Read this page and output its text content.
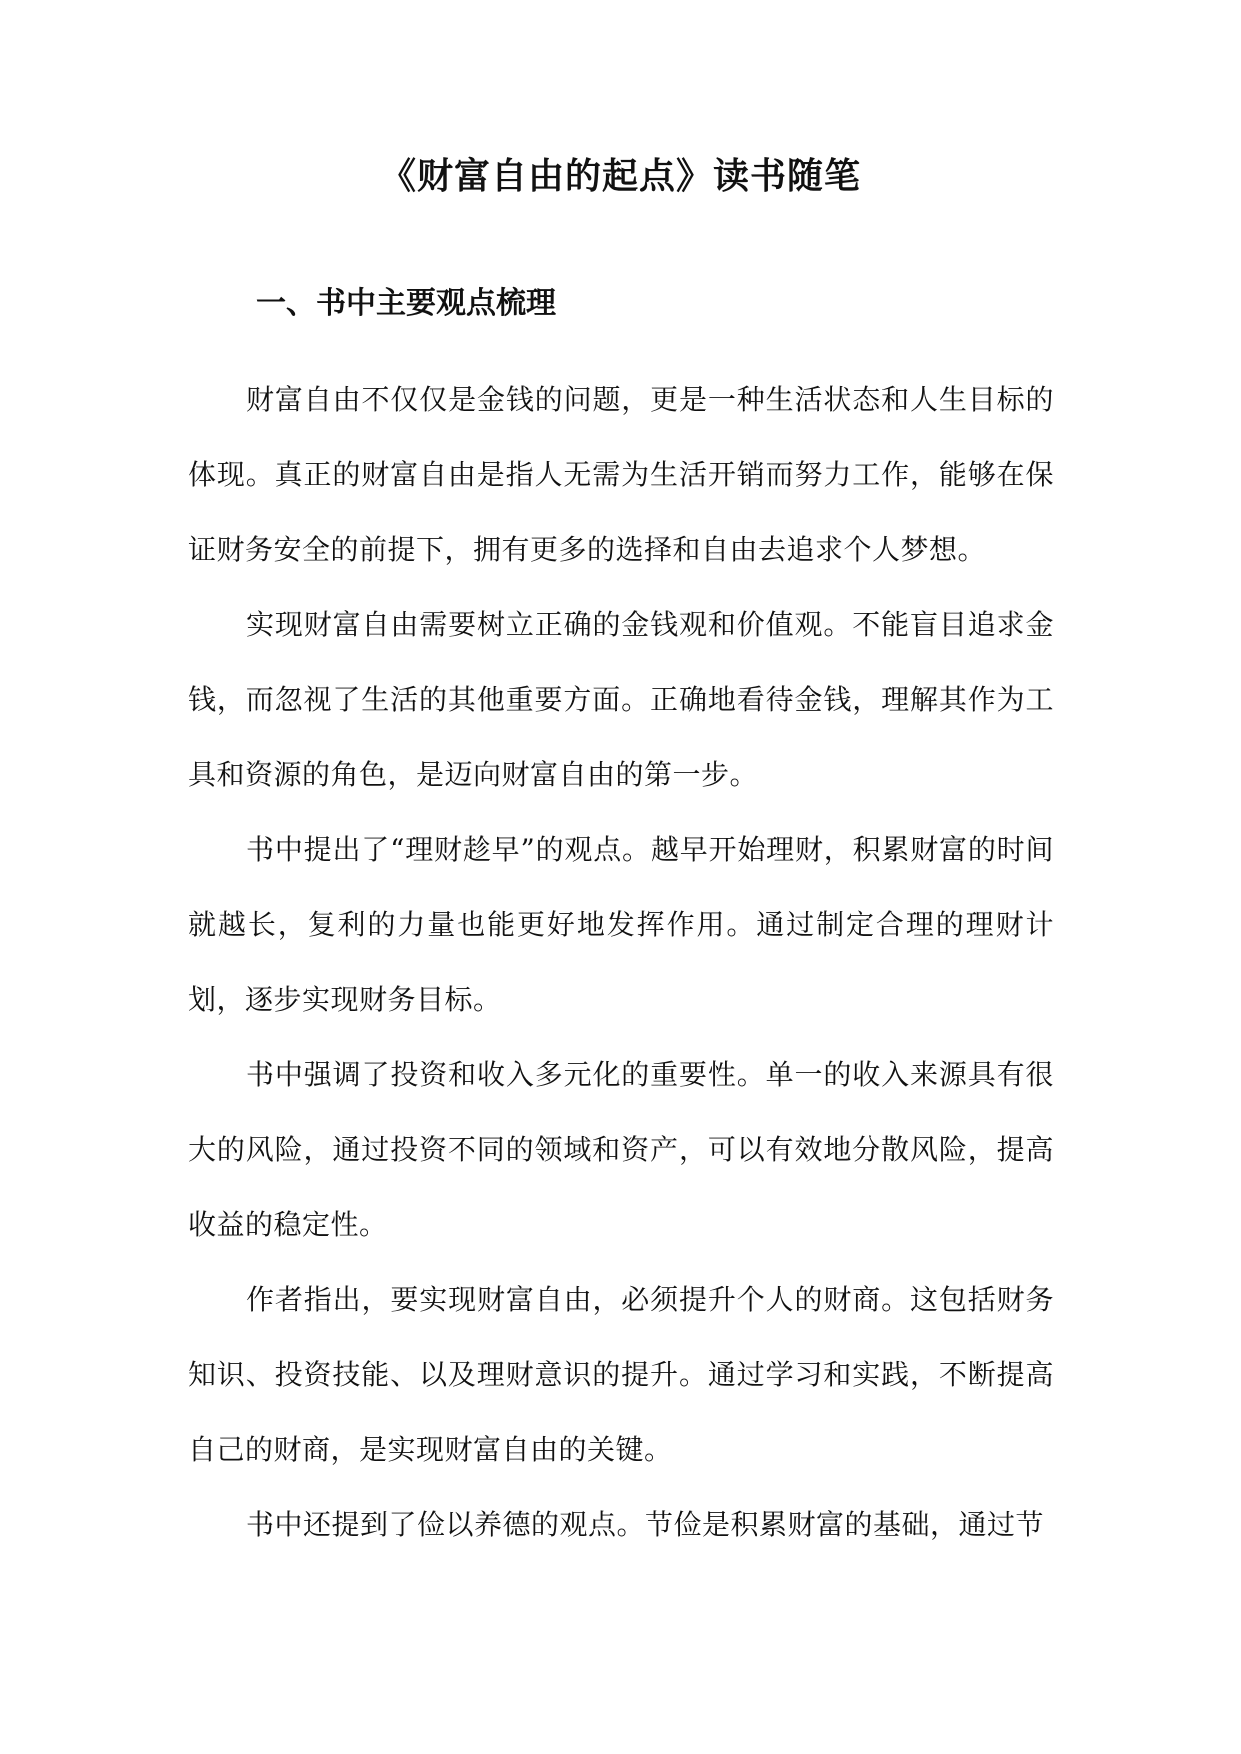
《财富自由的起点》读书随笔
一、书中主要观点梳理

财富自由不仅仅是金钱的问题，更是一种生活状态和人生目标的体现。真正的财富自由是指人无需为生活开销而努力工作，能够在保证财务安全的前提下，拥有更多的选择和自由去追求个人梦想。

实现财富自由需要树立正确的金钱观和价值观。不能盲目追求金钱，而忽视了生活的其他重要方面。正确地看待金钱，理解其作为工具和资源的角色，是迈向财富自由的第一步。

书中提出了“理财趁早”的观点。越早开始理财，积累财富的时间就越长，复利的力量也能更好地发挥作用。通过制定合理的理财计划，逐步实现财务目标。

书中强调了投资和收入多元化的重要性。单一的收入来源具有很大的风险，通过投资不同的领域和资产，可以有效地分散风险，提高收益的稳定性。

作者指出，要实现财富自由，必须提升个人的财商。这包括财务知识、投资技能、以及理财意识的提升。通过学习和实践，不断提高自己的财商，是实现财富自由的关键。

书中还提到了俭以养德的观点。节俭是积累财富的基础，通过节
